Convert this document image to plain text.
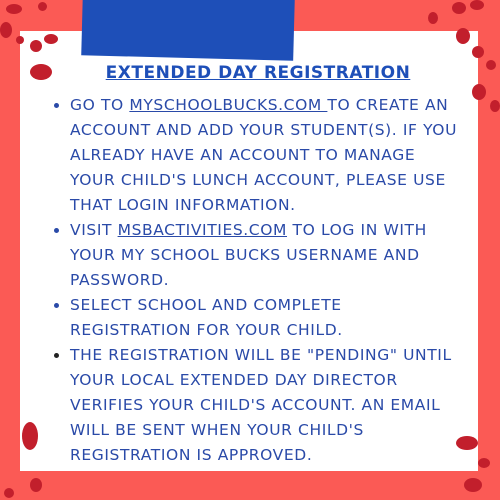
EXTENDED DAY REGISTRATION
GO TO MYSCHOOLBUCKS.COM TO CREATE AN ACCOUNT AND ADD YOUR STUDENT(S). IF YOU ALREADY HAVE AN ACCOUNT TO MANAGE YOUR CHILD'S LUNCH ACCOUNT, PLEASE USE THAT LOGIN INFORMATION.
VISIT MSBACTIVITIES.COM TO LOG IN WITH YOUR MY SCHOOL BUCKS USERNAME AND PASSWORD.
SELECT SCHOOL AND COMPLETE REGISTRATION FOR YOUR CHILD.
THE REGISTRATION WILL BE "PENDING" UNTIL YOUR LOCAL EXTENDED DAY DIRECTOR VERIFIES YOUR CHILD'S ACCOUNT. AN EMAIL WILL BE SENT WHEN YOUR CHILD'S REGISTRATION IS APPROVED.
